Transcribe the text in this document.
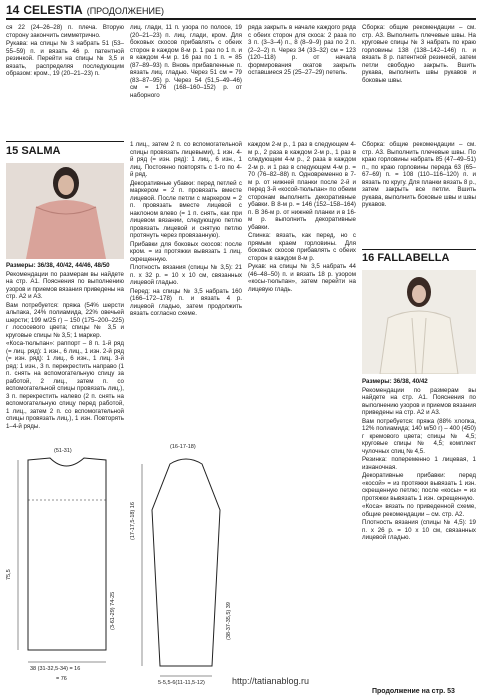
14 CELESTIA (ПРОДОЛЖЕНИЕ)

ся 22 (24–26–28) п. плеча. Вторую сторону закончить симметрично.

Рукава: на спицы № 3 набрать 51 (53–55–59) п. и вязать 46 р. патентной резинкой. Перейти на спицы № 3,5 и вязать, распределяя последующим образом: кром., 19 (20–21–23) п.

лиц. глади, 11 п. узора по полосе, 19 (20–21–23) п. лиц. глади, кром. Для боковых скосов прибавлять с обеих сторон в каждом 8-м р. 1 раз по 1 п. и в каждом 4-м р. 16 раз по 1 п. = 85 (87–89–93) п. Вновь прибавленные п. вязать лиц. гладью. Через 51 см = 79 (83–87–95) р. Через 54 (51,5–49–46) см = 176 (168–160–152) р. от наборного

ряда закрыть в начале каждого ряда с обеих сторон для скоса: 2 раза по 3 п. (3–3–4) п., 8 (8–9–9) раз по 2 п. (2–2–2) п. Через 34 (33–32) см = 123 (120–118) р. от начала формирования окатов закрыть оставшиеся 25 (25–27–29) петель.

Сборка: общие рекомендации – см. стр. А3. Выполнить плечевые швы. На круговые спицы № 3 набрать по краю горловины 138 (138–142–146) п. и вязать 8 р. патентной резинкой, затем петли свободно закрыть. Вшить рукава, выполнить швы рукавов и боковые швы.

15 SALMA

Размеры: 36/38, 40/42, 44/46, 48/50

Рекомендации по размерам вы найдете на стр. А1. Пояснения по выполнению узоров и приемов вязания приведены на стр. А2 и А3.

Вам потребуется: пряжа (54% шерсти альпака, 24% полиамида, 22% овечьей шерсти; 199 м/25 г) – 150 (175–200–225) г лососевого цвета; спицы № 3,5 и круговые спицы № 3,5; 1 маркер.

«Коса-тюльпан»: раппорт – 8 п. 1-й ряд (= лиц. ряд): 1 изн., 6 лиц., 1 изн. 2-й ряд (= изн. ряд): 1 лиц., 6 изн., 1 лиц. 3-й ряд: 1 изн., 3 п. перекрестить направо (1 п. снять на вспомогательную спицу за работой, 2 лиц., затем п. со вспомогательной спицы провязать лиц.), 3 п. перекрестить налево (2 п. снять на вспомогательную спицу перед работой, 1 лиц., затем 2 п. со вспомогательной спицы провязать лиц.), 1 изн. Повторять 1–4-й ряды.

1 лиц., затем 2 п. со вспомогательной спицы провязать лицевыми), 1 изн. 4-й ряд (= изн. ряд): 1 лиц., 6 изн., 1 лиц. Постоянно повторять с 1-го по 4-й ряд.

Декоративные убавки: перед петлей с маркером = 2 п. провязать вместе лицевой. После петли с маркером = 2 п. провязать вместе лицевой с наклоном влево (= 1 п. снять, как при лицевом вязании, следующую петлю провязать лицевой и снятую петлю протянуть через провязанную).

Прибавки для боковых скосов: после кром. = из протяжки вывязать 1 лиц. скрещенную.

Плотность вязания (спицы № 3,5): 21 п. х 32 р. = 10 х 10 см, связанных лицевой гладью.

Перед: на спицы № 3,5 набрать 160 (166–172–178) п. и вязать 4 р. лицевой гладью, затем продолжить вязать согласно схеме.

каждом 2-м р., 1 раз в следующем 4-м р., 2 раза в каждом 2-м р., 1 раз в следующем 4-м р., 2 раза в каждом 2-м р. и 1 раз в следующем 4-м р. = 70 (76–82–88) п. Одновременно в 7-м р. от нижней планки после 2-й и перед 3-й «косой-тюльпан» по обеим сторонам выполнить декоративные убавки. В 8-м р. = 146 (152–158–164) п. В 36-м р. от нижней планки и в 16-м р. выполнить декоративные убавки.

Спинка: вязать, как перед, но с прямым краем горловины. Для боковых скосов прибавлять с обеих сторон в каждом 8-м р.

Рукав: на спицы № 3,5 набрать 44 (46–48–50) п. и вязать 18 р. узором «косы-тюльпан», затем перейти на лицевую гладь.

Сборка: общие рекомендации – см. стр. А3. Выполнить плечевые швы. По краю горловины набрать 85 (47–49–51) п., по краю горловины переда 63 (65–67–69) п. = 108 (110–116–120) п. и вязать по кругу. Для планки вязать 8 р., затем закрыть все петли. Вшить рукава, выполнить боковые швы и швы рукавов.

16 FALLABELLA

Размеры: 36/38, 40/42

Рекомендации по размерам вы найдете на стр. А1. Пояснения по выполнению узоров и приемов вязания приведены на стр. А2 и А3.

Вам потребуется: пряжа (88% хлопка, 12% полиамида; 140 м/50 г) – 400 (450) г кремового цвета; спицы № 4,5; круговые спицы № 4,5; комплект чулочных спиц № 4,5.

Резинка: попеременно 1 лицевая, 1 изнаночная.

Декоративные прибавки: перед «косой» = из протяжки вывязать 1 изн. скрещенную петлю; после «косы» = из протяжки вывязать 1 изн. скрещенную.

«Коса» вязать по приведенной схеме, общие рекомендации – см. стр. А2.

Плотность вязания (спицы № 4,5): 19 п. х 26 р. = 10 х 10 см, связанных лицевой гладью.

(51-31)
75,5
(3-61-29) 74-25
38 (31-32,5-34) = 16
= 76
(16-17-18)
(17-17,5-18) 16
(38-37-35,5) 39
5-5,5-6(11-11,5-12)	http://tatianablog.ru
Продолжение на стр. 53
